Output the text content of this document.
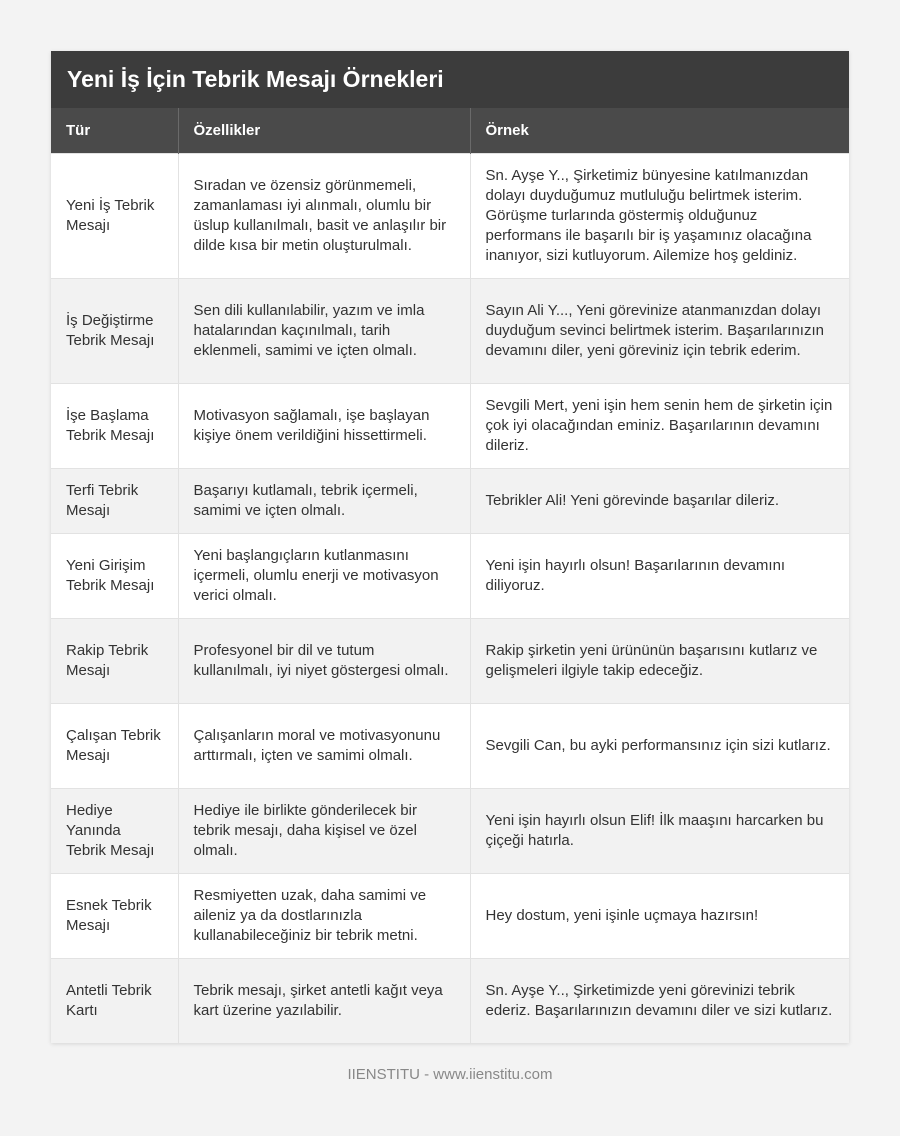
Yeni İş İçin Tebrik Mesajı Örnekleri
Tür	Özellikler	Örnek
Yeni İş Tebrik Mesajı	Sıradan ve özensiz görünmemeli, zamanlaması iyi alınmalı, olumlu bir üslup kullanılmalı, basit ve anlaşılır bir dilde kısa bir metin oluşturulmalı.	Sn. Ayşe Y.., Şirketimiz bünyesine katılmanızdan dolayı duyduğumuz mutluluğu belirtmek isterim. Görüşme turlarında göstermiş olduğunuz performans ile başarılı bir iş yaşamınız olacağına inanıyor, sizi kutluyorum. Ailemize hoş geldiniz.
İş Değiştirme Tebrik Mesajı	Sen dili kullanılabilir, yazım ve imla hatalarından kaçınılmalı, tarih eklenmeli, samimi ve içten olmalı.	Sayın Ali Y..., Yeni görevinize atanmanızdan dolayı duyduğum sevinci belirtmek isterim. Başarılarınızın devamını diler, yeni göreviniz için tebrik ederim.
İşe Başlama Tebrik Mesajı	Motivasyon sağlamalı, işe başlayan kişiye önem verildiğini hissettirmeli.	Sevgili Mert, yeni işin hem senin hem de şirketin için çok iyi olacağından eminiz. Başarılarının devamını dileriz.
Terfi Tebrik Mesajı	Başarıyı kutlamalı, tebrik içermeli, samimi ve içten olmalı.	Tebrikler Ali! Yeni görevinde başarılar dileriz.
Yeni Girişim Tebrik Mesajı	Yeni başlangıçların kutlanmasını içermeli, olumlu enerji ve motivasyon verici olmalı.	Yeni işin hayırlı olsun! Başarılarının devamını diliyoruz.
Rakip Tebrik Mesajı	Profesyonel bir dil ve tutum kullanılmalı, iyi niyet göstergesi olmalı.	Rakip şirketin yeni ürününün başarısını kutlarız ve gelişmeleri ilgiyle takip edeceğiz.
Çalışan Tebrik Mesajı	Çalışanların moral ve motivasyonunu arttırmalı, içten ve samimi olmalı.	Sevgili Can, bu ayki performansınız için sizi kutlarız.
Hediye Yanında Tebrik Mesajı	Hediye ile birlikte gönderilecek bir tebrik mesajı, daha kişisel ve özel olmalı.	Yeni işin hayırlı olsun Elif! İlk maaşını harcarken bu çiçeği hatırla.
Esnek Tebrik Mesajı	Resmiyetten uzak, daha samimi ve aileniz ya da dostlarınızla kullanabileceğiniz bir tebrik metni.	Hey dostum, yeni işinle uçmaya hazırsın!
Antetli Tebrik Kartı	Tebrik mesajı, şirket antetli kağıt veya kart üzerine yazılabilir.	Sn. Ayşe Y.., Şirketimizde yeni görevinizi tebrik ederiz. Başarılarınızın devamını diler ve sizi kutlarız.
IIENSTITU - www.iienstitu.com
